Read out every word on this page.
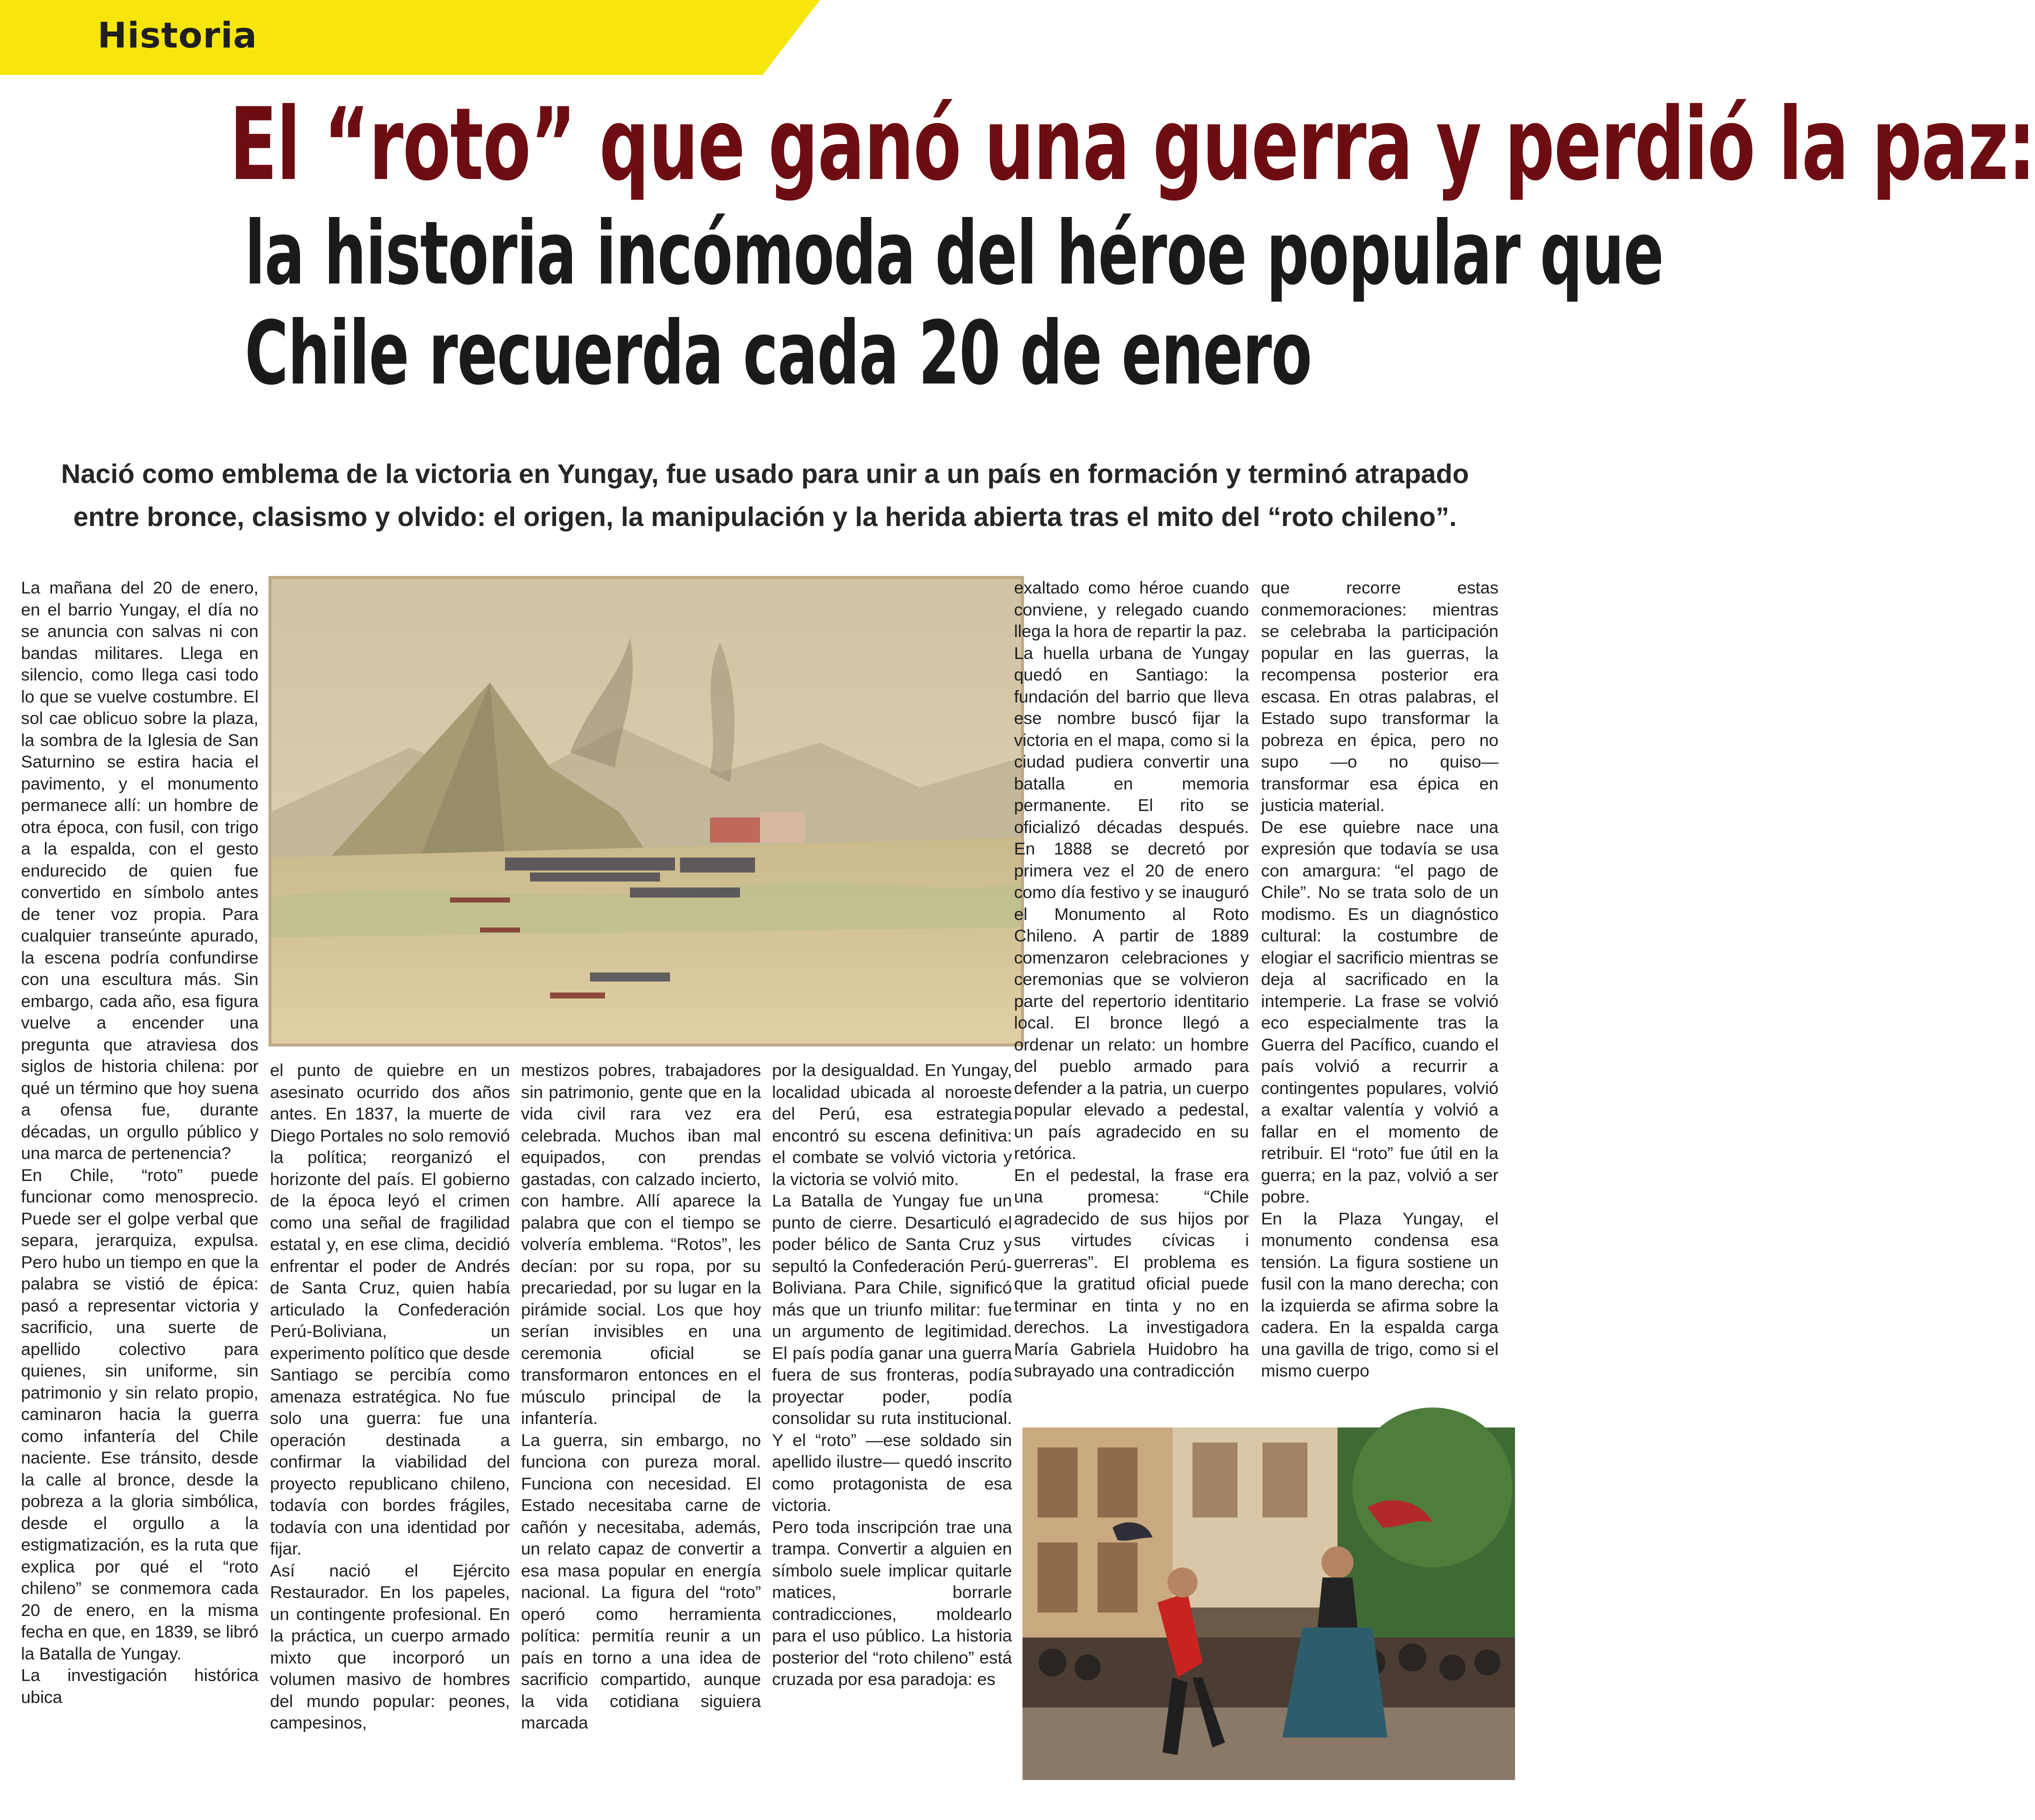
Historia
El “roto” que ganó una guerra y perdió la paz:
la historia incómoda del héroe popular que
Chile recuerda cada 20 de enero
Nació como emblema de la victoria en Yungay, fue usado para unir a un país en formación y terminó atrapado entre bronce, clasismo y olvido: el origen, la manipulación y la herida abierta tras el mito del “roto chileno”.

La mañana del 20 de enero, en el barrio Yungay, el día no se anuncia con salvas ni con bandas militares. Llega en silencio, como llega casi todo lo que se vuelve costumbre. El sol cae oblicuo sobre la plaza, la sombra de la Iglesia de San Saturnino se estira hacia el pavimento, y el monumento permanece allí: un hombre de otra época, con fusil, con trigo a la espalda, con el gesto endurecido de quien fue convertido en símbolo antes de tener voz propia. Para cualquier transeúnte apurado, la escena podría confundirse con una escultura más. Sin embargo, cada año, esa figura vuelve a encender una pregunta que atraviesa dos siglos de historia chilena: por qué un término que hoy suena a ofensa fue, durante décadas, un orgullo público y una marca de pertenencia?

En Chile, “roto” puede funcionar como menosprecio. Puede ser el golpe verbal que separa, jerarquiza, expulsa. Pero hubo un tiempo en que la palabra se vistió de épica: pasó a representar victoria y sacrificio, una suerte de apellido colectivo para quienes, sin uniforme, sin patrimonio y sin relato propio, caminaron hacia la guerra como infantería del Chile naciente. Ese tránsito, desde la calle al bronce, desde la pobreza a la gloria simbólica, desde el orgullo a la estigmatización, es la ruta que explica por qué el “roto chileno” se conmemora cada 20 de enero, en la misma fecha en que, en 1839, se libró la Batalla de Yungay.

La investigación histórica ubica

el punto de quiebre en un asesinato ocurrido dos años antes. En 1837, la muerte de Diego Portales no solo removió la política; reorganizó el horizonte del país. El gobierno de la época leyó el crimen como una señal de fragilidad estatal y, en ese clima, decidió enfrentar el poder de Andrés de Santa Cruz, quien había articulado la Confederación Perú-Boliviana, un experimento político que desde Santiago se percibía como amenaza estratégica. No fue solo una guerra: fue una operación destinada a confirmar la viabilidad del proyecto republicano chileno, todavía con bordes frágiles, todavía con una identidad por fijar.

Así nació el Ejército Restaurador. En los papeles, un contingente profesional. En la práctica, un cuerpo armado mixto que incorporó un volumen masivo de hombres del mundo popular: peones, campesinos,

mestizos pobres, trabajadores sin patrimonio, gente que en la vida civil rara vez era celebrada. Muchos iban mal equipados, con prendas gastadas, con calzado incierto, con hambre. Allí aparece la palabra que con el tiempo se volvería emblema. “Rotos”, les decían: por su ropa, por su precariedad, por su lugar en la pirámide social. Los que hoy serían invisibles en una ceremonia oficial se transformaron entonces en el músculo principal de la infantería.

La guerra, sin embargo, no funciona con pureza moral. Funciona con necesidad. El Estado necesitaba carne de cañón y necesitaba, además, un relato capaz de convertir a esa masa popular en energía nacional. La figura del “roto” operó como herramienta política: permitía reunir a un país en torno a una idea de sacrificio compartido, aunque la vida cotidiana siguiera marcada

por la desigualdad. En Yungay, localidad ubicada al noroeste del Perú, esa estrategia encontró su escena definitiva: el combate se volvió victoria y la victoria se volvió mito.

La Batalla de Yungay fue un punto de cierre. Desarticuló el poder bélico de Santa Cruz y sepultó la Confederación Perú-Boliviana. Para Chile, significó más que un triunfo militar: fue un argumento de legitimidad. El país podía ganar una guerra fuera de sus fronteras, podía proyectar poder, podía consolidar su ruta institucional. Y el “roto” —ese soldado sin apellido ilustre— quedó inscrito como protagonista de esa victoria.

Pero toda inscripción trae una trampa. Convertir a alguien en símbolo suele implicar quitarle matices, borrarle contradicciones, moldearlo para el uso público. La historia posterior del “roto chileno” está cruzada por esa paradoja: es

exaltado como héroe cuando conviene, y relegado cuando llega la hora de repartir la paz.

La huella urbana de Yungay quedó en Santiago: la fundación del barrio que lleva ese nombre buscó fijar la victoria en el mapa, como si la ciudad pudiera convertir una batalla en memoria permanente. El rito se oficializó décadas después. En 1888 se decretó por primera vez el 20 de enero como día festivo y se inauguró el Monumento al Roto Chileno. A partir de 1889 comenzaron celebraciones y ceremonias que se volvieron parte del repertorio identitario local. El bronce llegó a ordenar un relato: un hombre del pueblo armado para defender a la patria, un cuerpo popular elevado a pedestal, un país agradecido en su retórica.

En el pedestal, la frase era una promesa: “Chile agradecido de sus hijos por sus virtudes cívicas i guerreras”. El problema es que la gratitud oficial puede terminar en tinta y no en derechos. La investigadora María Gabriela Huidobro ha subrayado una contradicción

que recorre estas conmemoraciones: mientras se celebraba la participación popular en las guerras, la recompensa posterior era escasa. En otras palabras, el Estado supo transformar la pobreza en épica, pero no supo —o no quiso— transformar esa épica en justicia material.

De ese quiebre nace una expresión que todavía se usa con amargura: “el pago de Chile”. No se trata solo de un modismo. Es un diagnóstico cultural: la costumbre de elogiar el sacrificio mientras se deja al sacrificado en la intemperie. La frase se volvió eco especialmente tras la Guerra del Pacífico, cuando el país volvió a recurrir a contingentes populares, volvió a exaltar valentía y volvió a fallar en el momento de retribuir. El “roto” fue útil en la guerra; en la paz, volvió a ser pobre.

En la Plaza Yungay, el monumento condensa esa tensión. La figura sostiene un fusil con la mano derecha; con la izquierda se afirma sobre la cadera. En la espalda carga una gavilla de trigo, como si el mismo cuerpo
